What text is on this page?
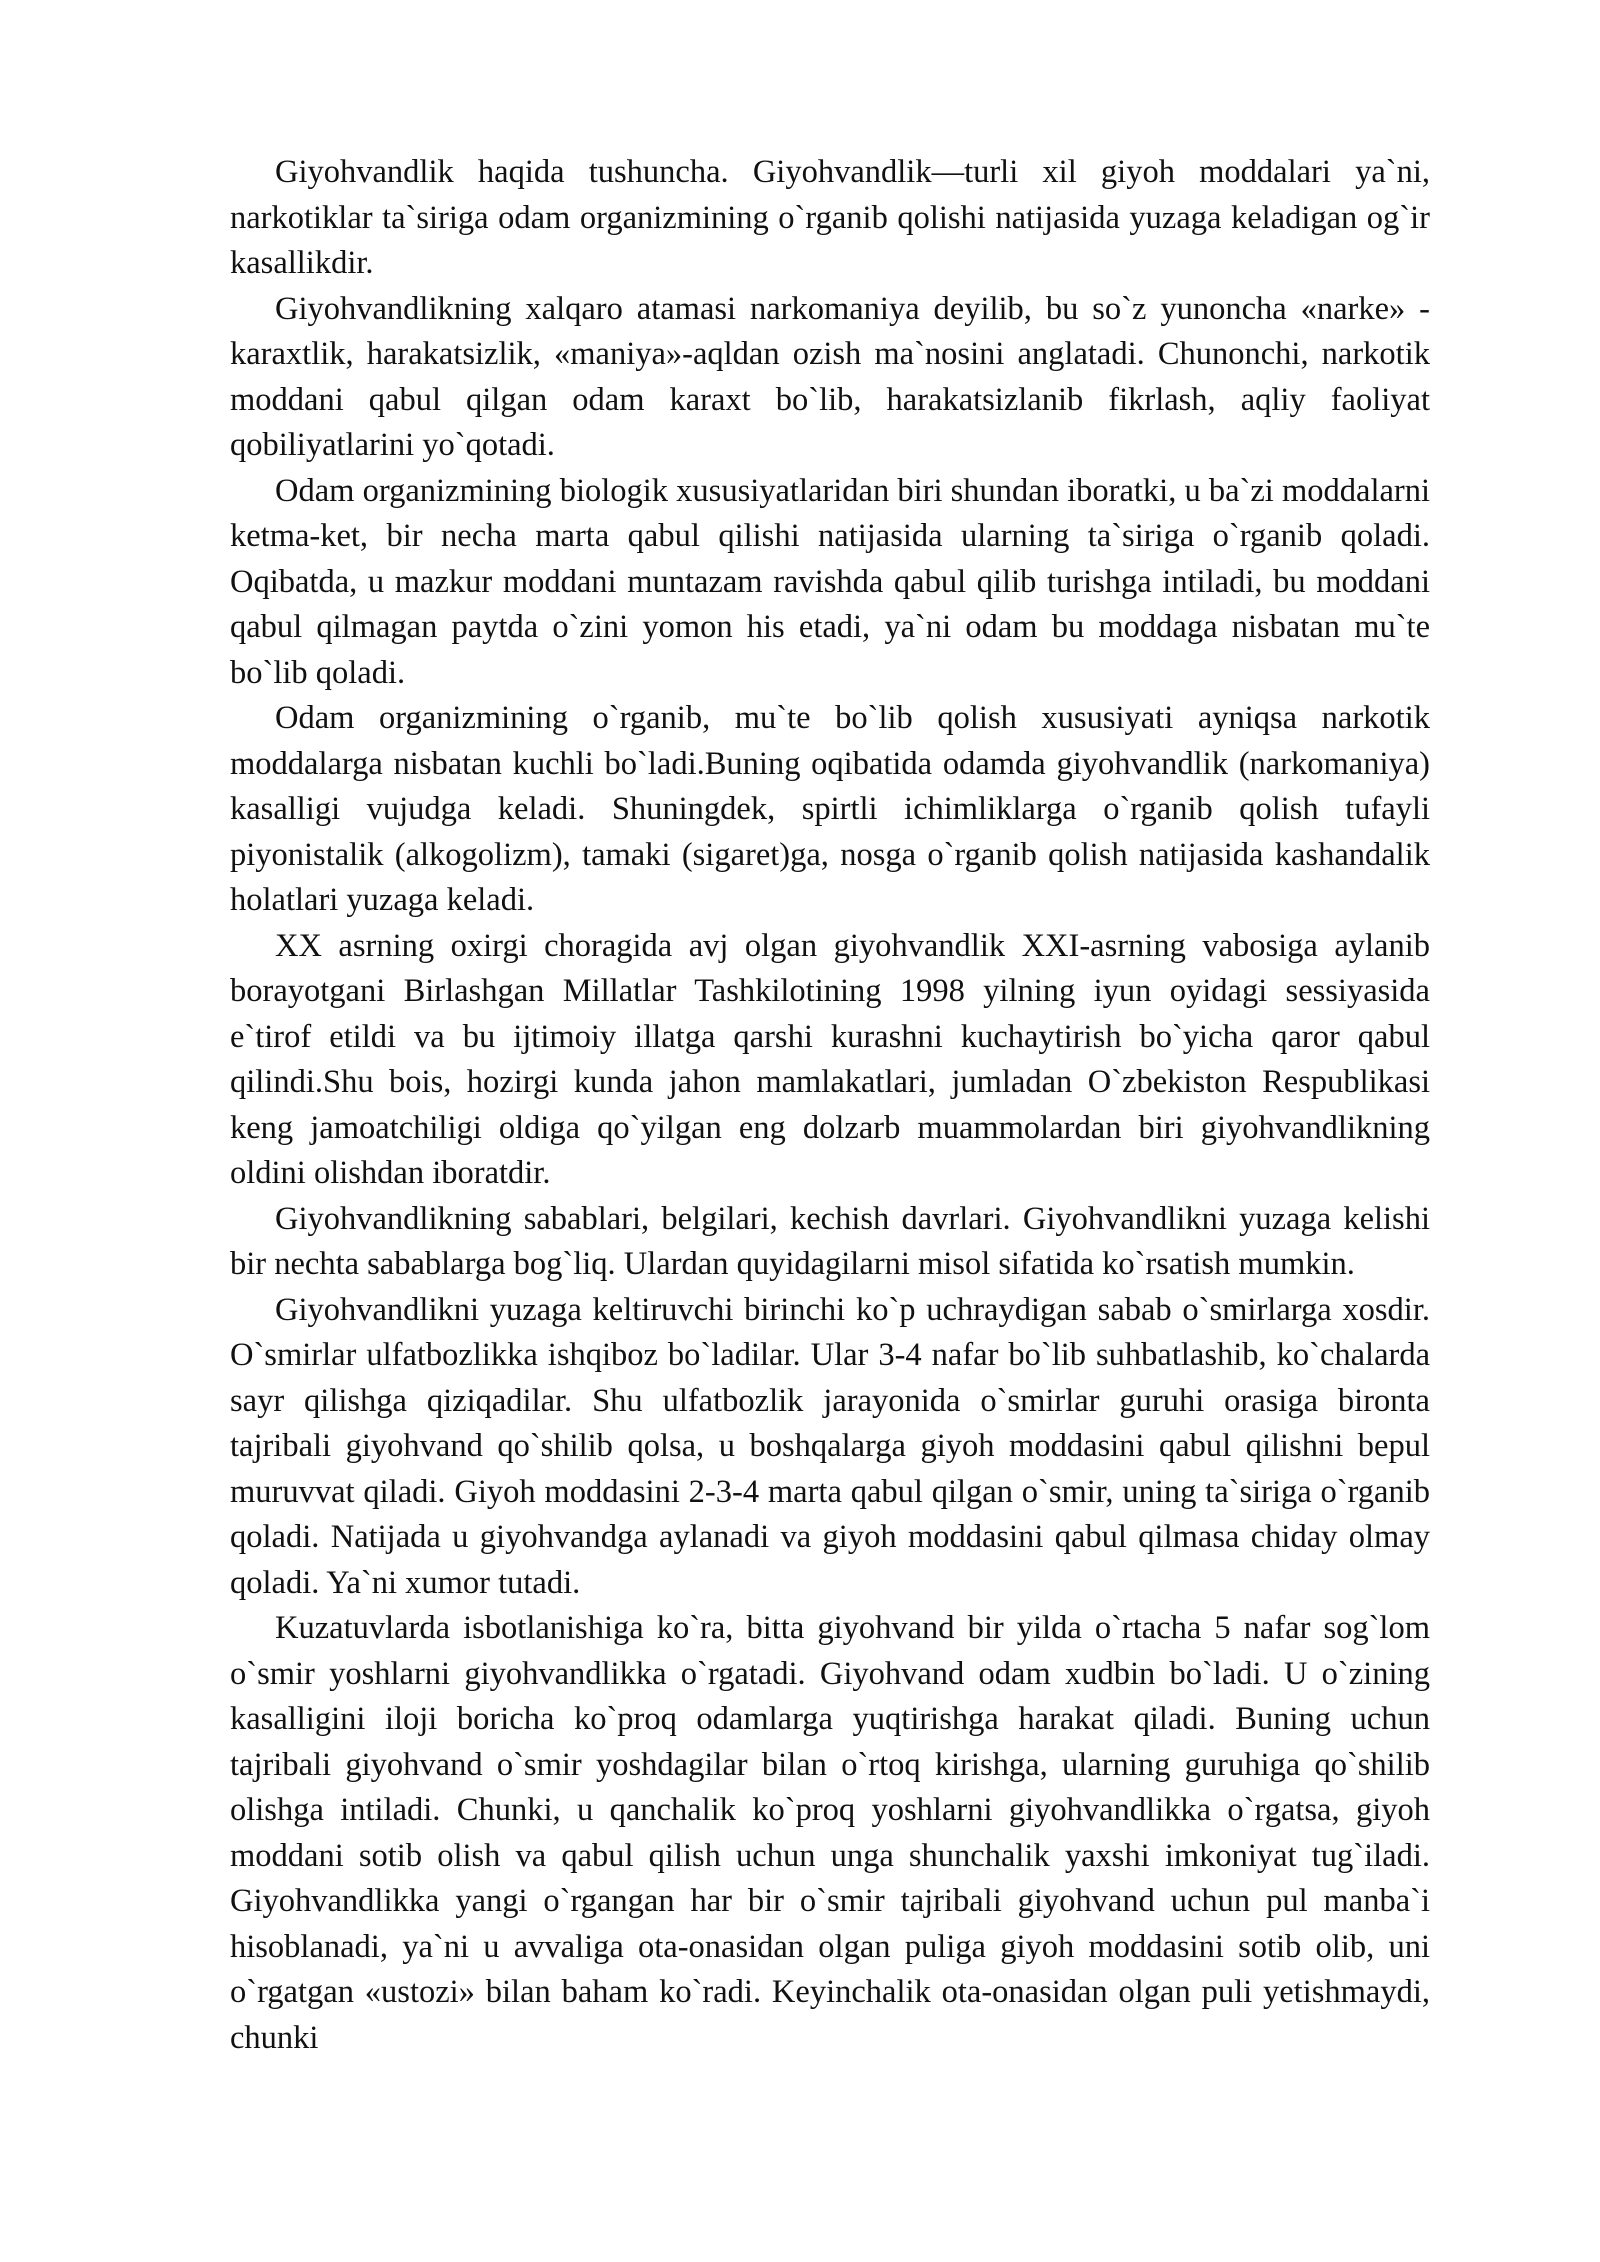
Giyohvandlik haqida tushuncha. Giyohvandlik—turli xil giyoh moddalari ya`ni, narkotiklar ta`siriga odam organizmining o`rganib qolishi natijasida yuzaga keladigan og`ir kasallikdir.

Giyohvandlikning xalqaro atamasi narkomaniya deyilib, bu so`z yunoncha «narke» - karaxtlik, harakatsizlik, «maniya»-aqldan ozish ma`nosini anglatadi. Chunonchi, narkotik moddani qabul qilgan odam karaxt bo`lib, harakatsizlanib fikrlash, aqliy faoliyat qobiliyatlarini yo`qotadi.

Odam organizmining biologik xususiyatlaridan biri shundan iboratki, u ba`zi moddalarni ketma-ket, bir necha marta qabul qilishi natijasida ularning ta`siriga o`rganib qoladi. Oqibatda, u mazkur moddani muntazam ravishda qabul qilib turishga intiladi, bu moddani qabul qilmagan paytda o`zini yomon his etadi, ya`ni odam bu moddaga nisbatan mu`te bo`lib qoladi.

Odam organizmining o`rganib, mu`te bo`lib qolish xususiyati ayniqsa narkotik moddalarga nisbatan kuchli bo`ladi.Buning oqibatida odamda giyohvandlik (narkomaniya) kasalligi vujudga keladi. Shuningdek, spirtli ichimliklarga o`rganib qolish tufayli piyonistalik (alkogolizm), tamaki (sigaret)ga, nosga o`rganib qolish natijasida kashandalik holatlari yuzaga keladi.

XX asrning oxirgi choragida avj olgan giyohvandlik XXI-asrning vabosiga aylanib borayotgani Birlashgan Millatlar Tashkilotining 1998 yilning iyun oyidagi sessiyasida e`tirof etildi va bu ijtimoiy illatga qarshi kurashni kuchaytirish bo`yicha qaror qabul qilindi.Shu bois, hozirgi kunda jahon mamlakatlari, jumladan O`zbekiston Respublikasi keng jamoatchiligi oldiga qo`yilgan eng dolzarb muammolardan biri giyohvandlikning oldini olishdan iboratdir.

Giyohvandlikning sabablari, belgilari, kechish davrlari. Giyohvandlikni yuzaga kelishi bir nechta sabablarga bog`liq. Ulardan quyidagilarni misol sifatida ko`rsatish mumkin.

Giyohvandlikni yuzaga keltiruvchi birinchi ko`p uchraydigan sabab o`smirlarga xosdir. O`smirlar ulfatbozlikka ishqiboz bo`ladilar. Ular 3-4 nafar bo`lib suhbatlashib, ko`chalarda sayr qilishga qiziqadilar. Shu ulfatbozlik jarayonida o`smirlar guruhi orasiga bironta tajribali giyohvand qo`shilib qolsa, u boshqalarga giyoh moddasini qabul qilishni bepul muruvvat qiladi. Giyoh moddasini 2-3-4 marta qabul qilgan o`smir, uning ta`siriga o`rganib qoladi. Natijada u giyohvandga aylanadi va giyoh moddasini qabul qilmasa chiday olmay qoladi. Ya`ni xumor tutadi.

Kuzatuvlarda isbotlanishiga ko`ra, bitta giyohvand bir yilda o`rtacha 5 nafar sog`lom o`smir yoshlarni giyohvandlikka o`rgatadi. Giyohvand odam xudbin bo`ladi. U o`zining kasalligini iloji boricha ko`proq odamlarga yuqtirishga harakat qiladi. Buning uchun tajribali giyohvand o`smir yoshdagilar bilan o`rtoq kirishga, ularning guruhiga qo`shilib olishga intiladi. Chunki, u qanchalik ko`proq yoshlarni giyohvandlikka o`rgatsa, giyoh moddani sotib olish va qabul qilish uchun unga shunchalik yaxshi imkoniyat tug`iladi. Giyohvandlikka yangi o`rgangan har bir o`smir tajribali giyohvand uchun pul manba`i hisoblanadi, ya`ni u avvaliga ota-onasidan olgan puliga giyoh moddasini sotib olib, uni o`rgatgan «ustozi» bilan baham ko`radi. Keyinchalik ota-onasidan olgan puli yetishmaydi, chunki
